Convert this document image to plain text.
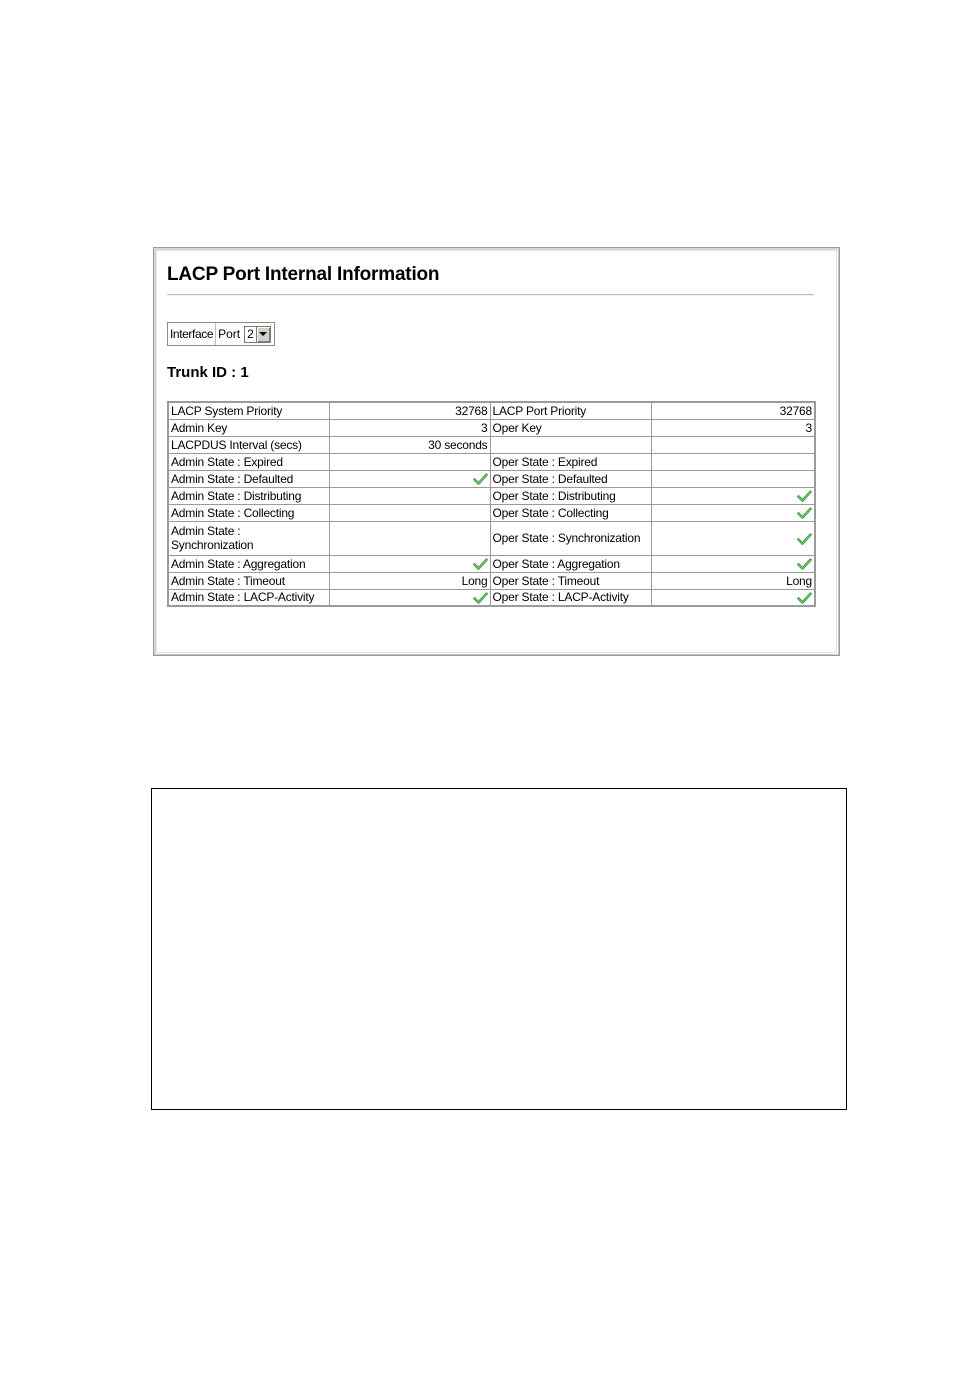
LACP Port Internal Information
Interface Port 2
Trunk ID : 1
LACP System Priority	32768	LACP Port Priority	32768
Admin Key	3	Oper Key	3
LACPDUS Interval (secs)	30 seconds		
Admin State : Expired		Oper State : Expired	
Admin State : Defaulted		Oper State : Defaulted	
Admin State : Distributing		Oper State : Distributing	
Admin State : Collecting		Oper State : Collecting	
Admin State : Synchronization		Oper State : Synchronization	
Admin State : Aggregation		Oper State : Aggregation	
Admin State : Timeout	Long	Oper State : Timeout	Long
Admin State : LACP-Activity		Oper State : LACP-Activity	
